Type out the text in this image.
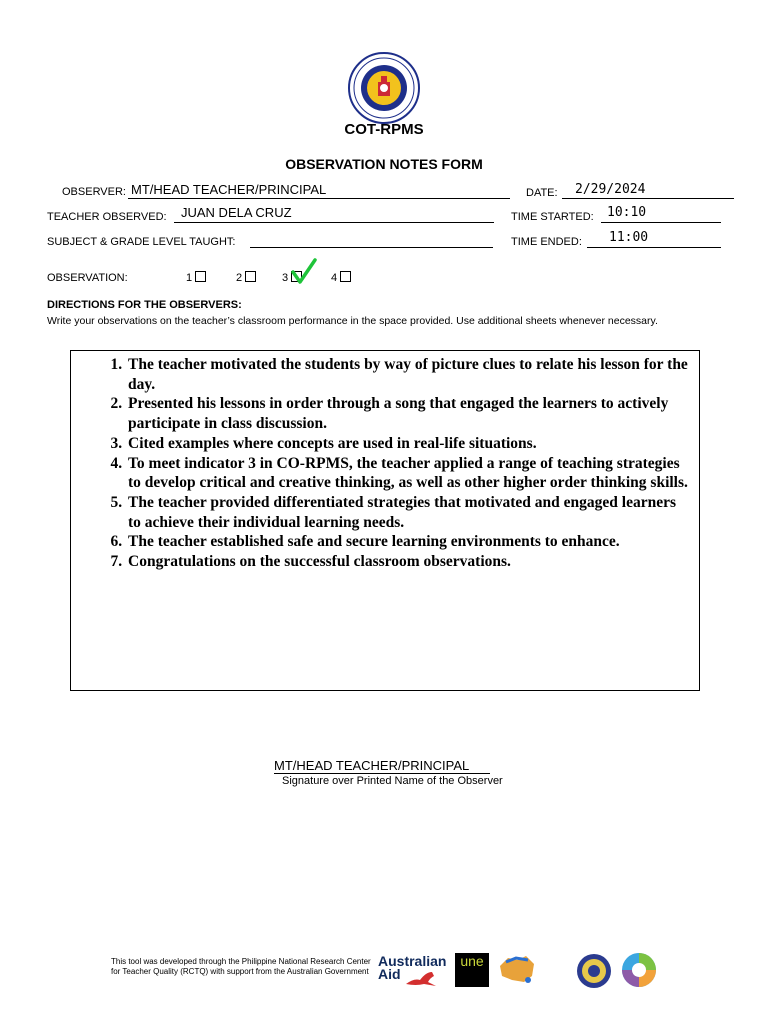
COT-RPMS
OBSERVATION NOTES FORM
OBSERVER: MT/HEAD TEACHER/PRINCIPAL	DATE: 2/29/2024
TEACHER OBSERVED: JUAN DELA CRUZ	TIME STARTED: 10:10
SUBJECT & GRADE LEVEL TAUGHT:	TIME ENDED: 11:00
OBSERVATION:	1	2	3	4
DIRECTIONS FOR THE OBSERVERS:
Write your observations on the teacher’s classroom performance in the space provided. Use additional sheets whenever necessary.
1. The teacher motivated the students by way of picture clues to relate his lesson for the day.
2. Presented his lessons in order through a song that engaged the learners to actively participate in class discussion.
3. Cited examples where concepts are used in real-life situations.
4. To meet indicator 3 in CO-RPMS, the teacher applied a range of teaching strategies to develop critical and creative thinking, as well as other higher order thinking skills.
5. The teacher provided differentiated strategies that motivated and engaged learners to achieve their individual learning needs.
6. The teacher established safe and secure learning environments to enhance.
7. Congratulations on the successful classroom observations.
MT/HEAD TEACHER/PRINCIPAL
Signature over Printed Name of the Observer
This tool was developed through the Philippine National Research Center for Teacher Quality (RCTQ) with support from the Australian Government
Australian
Aid
une
